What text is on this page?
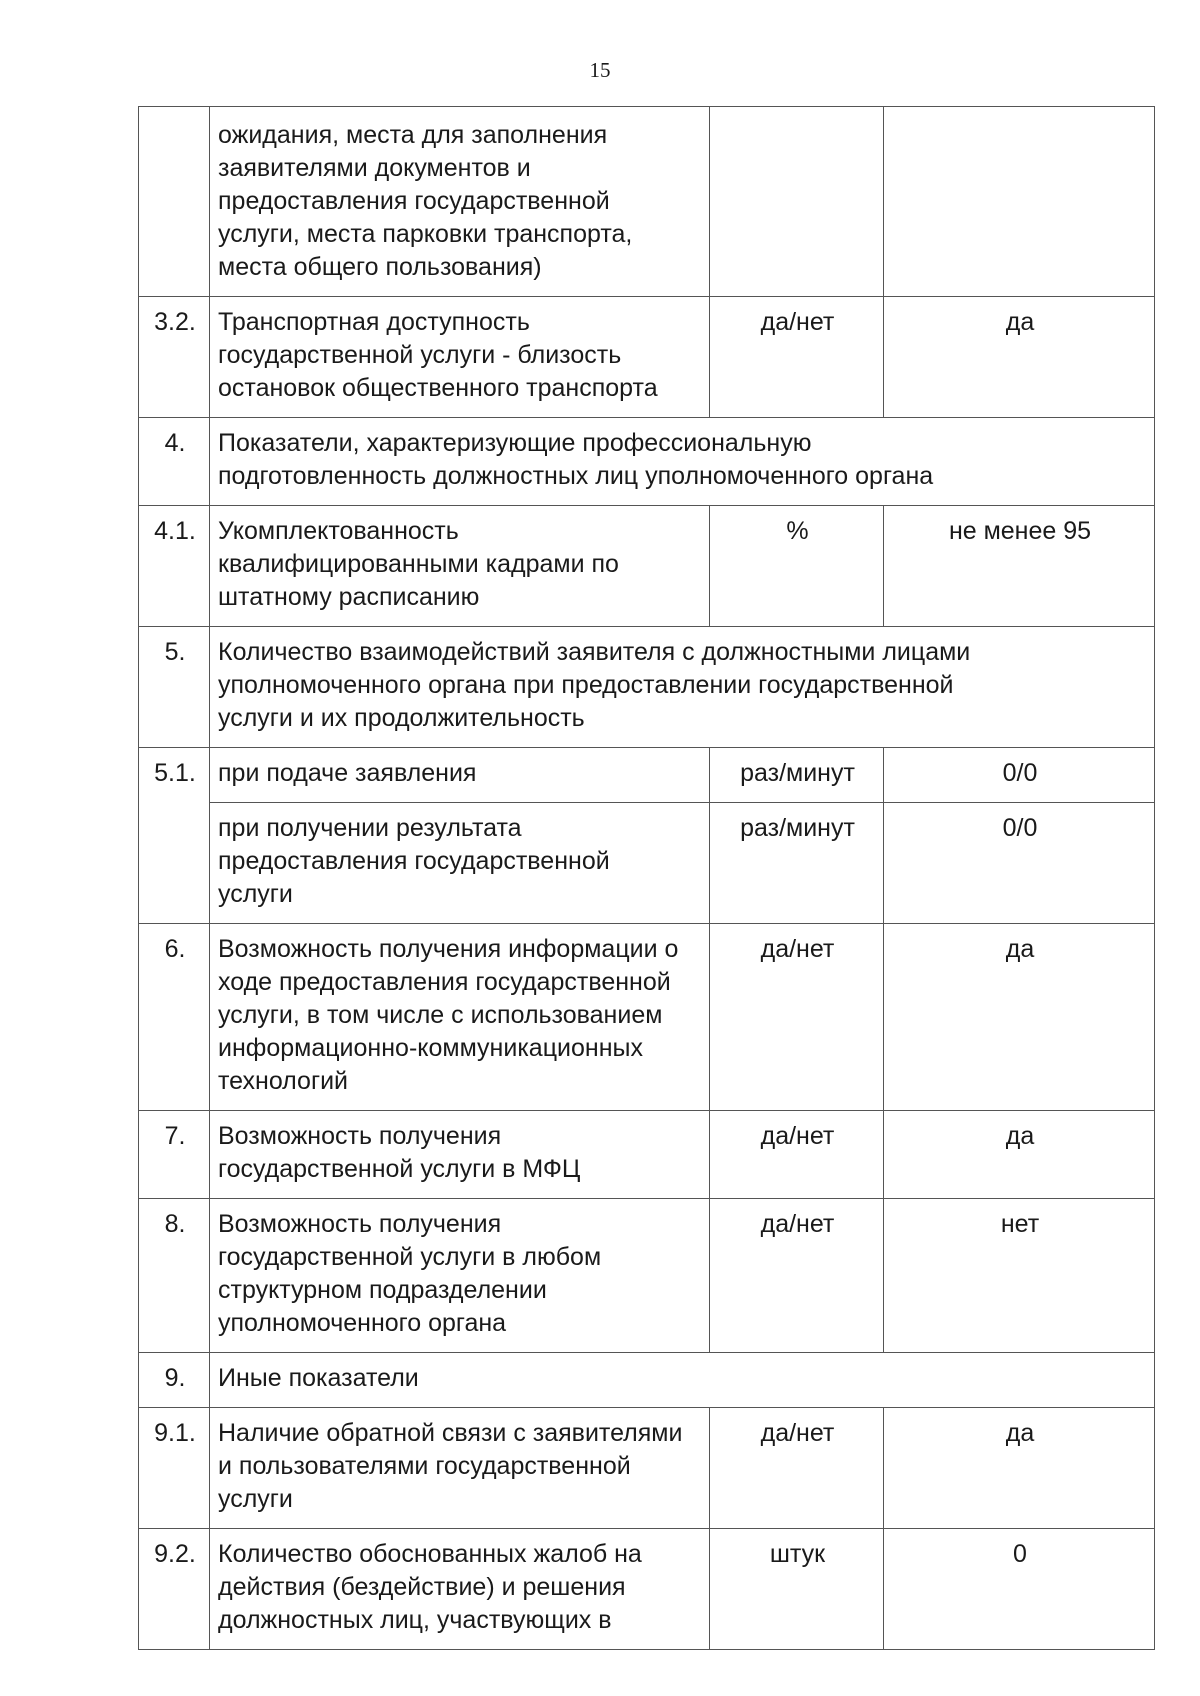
15
	ожидания, места для заполнения
заявителями документов и
предоставления государственной
услуги, места парковки транспорта,
места общего пользования)		
3.2.	Транспортная доступность
государственной услуги - близость
остановок общественного транспорта	да/нет	да
4.	Показатели, характеризующие профессиональную
подготовленность должностных лиц уполномоченного органа		
4.1.	Укомплектованность
квалифицированными кадрами по
штатному расписанию	%	не менее 95
5.	Количество взаимодействий заявителя с должностными лицами
уполномоченного органа при предоставлении государственной
услуги и их продолжительность		
5.1.	при подаче заявления	раз/минут	0/0
	при получении результата
предоставления государственной
услуги	раз/минут	0/0
6.	Возможность получения информации о
ходе предоставления государственной
услуги, в том числе с использованием
информационно-коммуникационных
технологий	да/нет	да
7.	Возможность получения
государственной услуги в МФЦ	да/нет	да
8.	Возможность получения
государственной услуги в любом
структурном подразделении
уполномоченного органа	да/нет	нет
9.	Иные показатели		
9.1.	Наличие обратной связи с заявителями
и пользователями государственной
услуги	да/нет	да
9.2.	Количество обоснованных жалоб на
действия (бездействие) и решения
должностных лиц, участвующих в	штук	0
